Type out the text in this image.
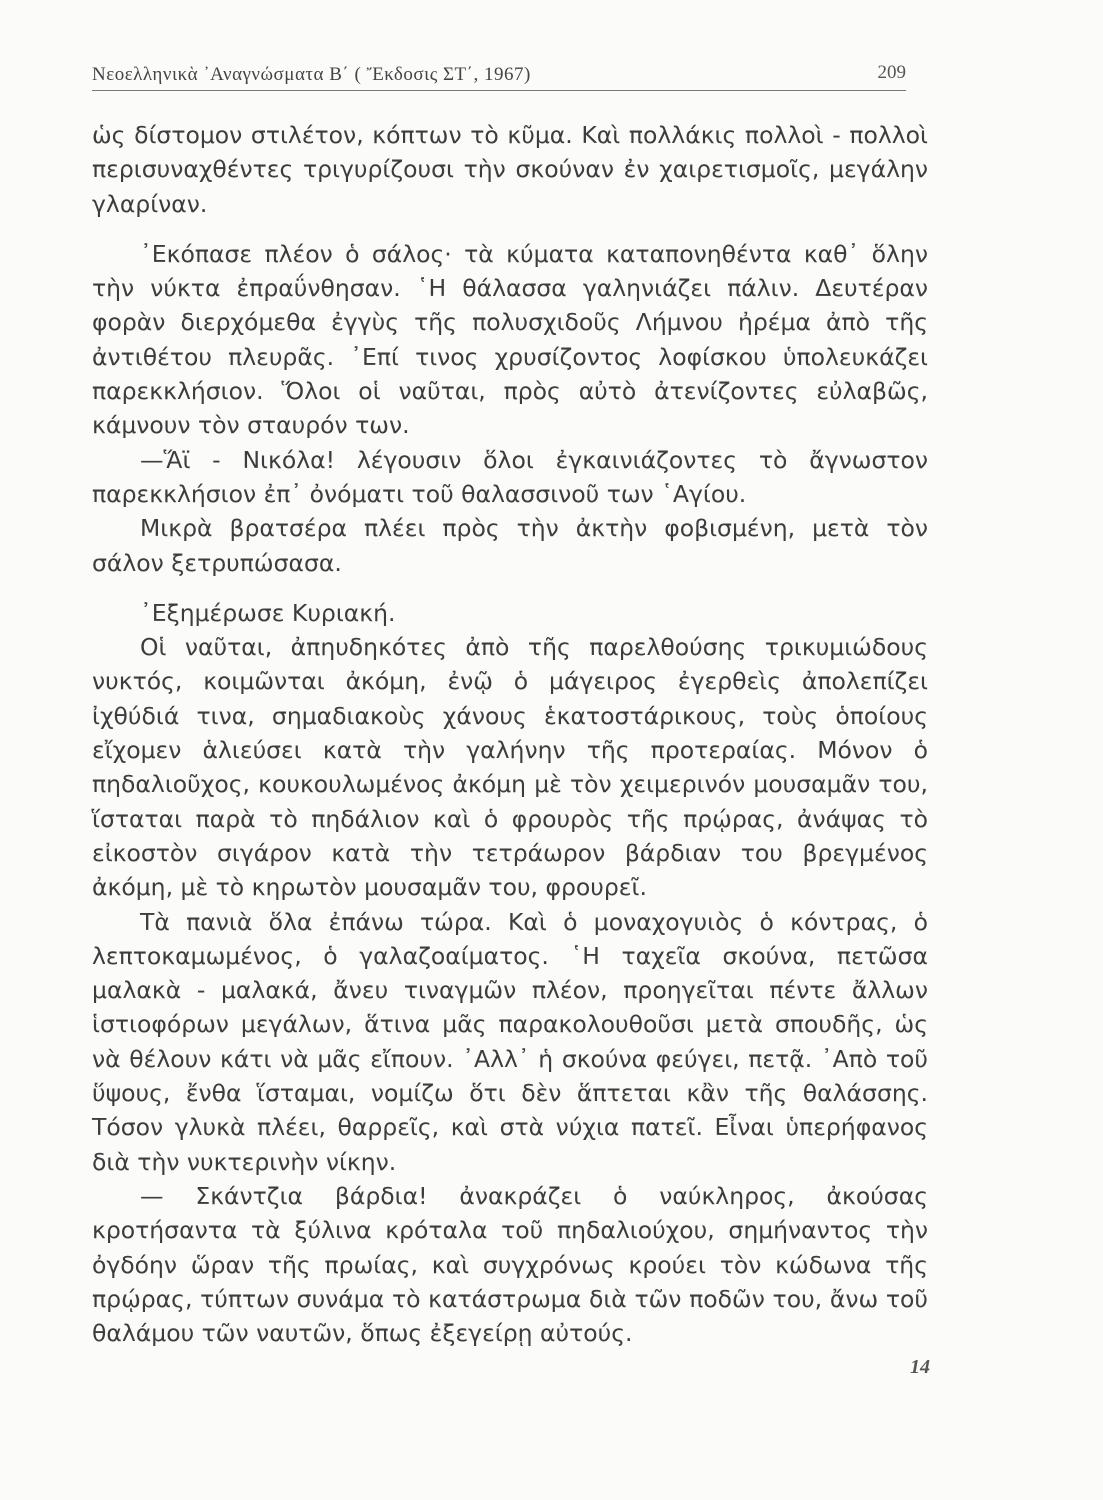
Νεοελληνικὰ ᾿Αναγνώσματα Β΄ ( Ἔκδοσις ΣΤ΄, 1967)	209

ὡς δίστομον στιλέτον, κόπτων τὸ κῦμα. Καὶ πολλάκις πολλοὶ - πολλοὶ περισυναχθέντες τριγυρίζουσι τὴν σκούναν ἐν χαιρετισμοῖς, μεγάλην γλαρίναν.

᾿Εκόπασε πλέον ὁ σάλος· τὰ κύματα καταπονηθέντα καθ᾿ ὅλην τὴν νύκτα ἐπραΰνθησαν. ῾Η θάλασσα γαληνιάζει πάλιν. Δευτέραν φορὰν διερχόμεθα ἐγγὺς τῆς πολυσχιδοῦς Λήμνου ἠρέμα ἀπὸ τῆς ἀντιθέτου πλευρᾶς. ᾿Επί τινος χρυσίζοντος λοφίσκου ὑπολευκάζει παρεκκλήσιον. Ὅλοι οἱ ναῦται, πρὸς αὐτὸ ἀτενίζοντες εὐλαβῶς, κάμνουν τὸν σταυρόν των.

—Ἅϊ - Νικόλα! λέγουσιν ὅλοι ἐγκαινιάζοντες τὸ ἄγνωστον παρεκκλήσιον ἐπ᾿ ὀνόματι τοῦ θαλασσινοῦ των ῾Αγίου.

Μικρὰ βρατσέρα πλέει πρὸς τὴν ἀκτὴν φοβισμένη, μετὰ τὸν σάλον ξετρυπώσασα.

᾿Εξημέρωσε Κυριακή.

Οἱ ναῦται, ἀπηυδηκότες ἀπὸ τῆς παρελθούσης τρικυμιώδους νυκτός, κοιμῶνται ἀκόμη, ἐνῷ ὁ μάγειρος ἐγερθεὶς ἀπολεπίζει ἰχθύδιά τινα, σημαδιακοὺς χάνους ἑκατοστάρικους, τοὺς ὁποίους εἴχομεν ἁλιεύσει κατὰ τὴν γαλήνην τῆς προτεραίας. Μόνον ὁ πηδαλιοῦχος, κουκουλωμένος ἀκόμη μὲ τὸν χειμερινόν μουσαμᾶν του, ἵσταται παρὰ τὸ πηδάλιον καὶ ὁ φρουρὸς τῆς πρῴρας, ἀνάψας τὸ εἰκοστὸν σιγάρον κατὰ τὴν τετράωρον βάρδιαν του βρεγμένος ἀκόμη, μὲ τὸ κηρωτὸν μουσαμᾶν του, φρουρεῖ.

Τὰ πανιὰ ὅλα ἐπάνω τώρα. Καὶ ὁ μοναχογυιὸς ὁ κόντρας, ὁ λεπτοκαμωμένος, ὁ γαλαζοαίματος. ῾Η ταχεῖα σκούνα, πετῶσα μαλακὰ - μαλακά, ἄνευ τιναγμῶν πλέον, προηγεῖται πέντε ἄλλων ἱστιοφόρων μεγάλων, ἅτινα μᾶς παρακολουθοῦσι μετὰ σπουδῆς, ὡς νὰ θέλουν κάτι νὰ μᾶς εἴπουν. ᾿Αλλ᾿ ἡ σκούνα φεύγει, πετᾷ. ᾿Απὸ τοῦ ὕψους, ἔνθα ἵσταμαι, νομίζω ὅτι δὲν ἅπτεται κἂν τῆς θαλάσσης. Τόσον γλυκὰ πλέει, θαρρεῖς, καὶ στὰ νύχια πατεῖ. Εἶναι ὑπερήφανος διὰ τὴν νυκτερινὴν νίκην.

— Σκάντζια βάρδια! ἀνακράζει ὁ ναύκληρος, ἀκούσας κροτήσαντα τὰ ξύλινα κρόταλα τοῦ πηδαλιούχου, σημήναντος τὴν ὀγδόην ὥραν τῆς πρωίας, καὶ συγχρόνως κρούει τὸν κώδωνα τῆς πρῴρας, τύπτων συνάμα τὸ κατάστρωμα διὰ τῶν ποδῶν του, ἄνω τοῦ θαλάμου τῶν ναυτῶν, ὅπως ἐξεγείρῃ αὐτούς.

14
